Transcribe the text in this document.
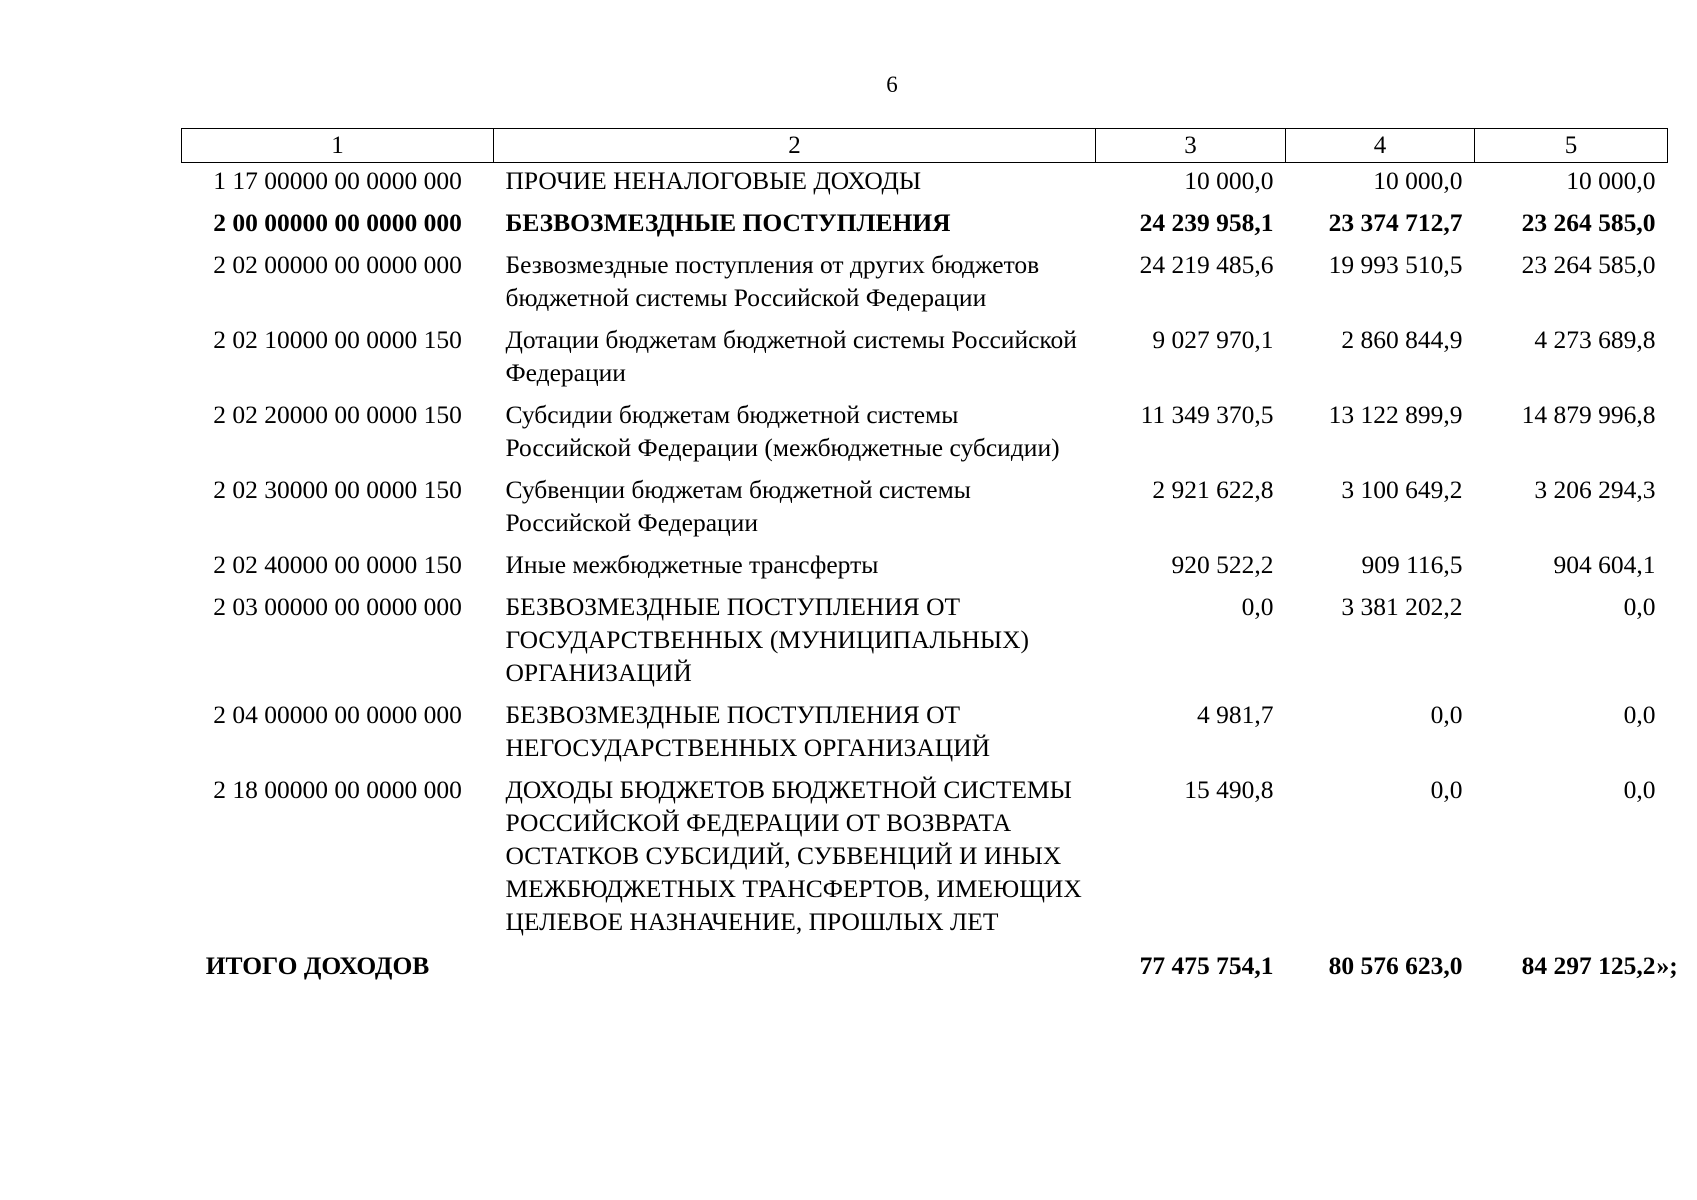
6
1	2	3	4	5
1 17 00000 00 0000 000	ПРОЧИЕ НЕНАЛОГОВЫЕ ДОХОДЫ	10 000,0	10 000,0	10 000,0
2 00 00000 00 0000 000	БЕЗВОЗМЕЗДНЫЕ ПОСТУПЛЕНИЯ	24 239 958,1	23 374 712,7	23 264 585,0
2 02 00000 00 0000 000	Безвозмездные поступления от других бюджетов бюджетной системы Российской Федерации	24 219 485,6	19 993 510,5	23 264 585,0
2 02 10000 00 0000 150	Дотации бюджетам бюджетной системы Российской Федерации	9 027 970,1	2 860 844,9	4 273 689,8
2 02 20000 00 0000 150	Субсидии бюджетам бюджетной системы Российской Федерации (межбюджетные субсидии)	11 349 370,5	13 122 899,9	14 879 996,8
2 02 30000 00 0000 150	Субвенции бюджетам бюджетной системы Российской Федерации	2 921 622,8	3 100 649,2	3 206 294,3
2 02 40000 00 0000 150	Иные межбюджетные трансферты	920 522,2	909 116,5	904 604,1
2 03 00000 00 0000 000	БЕЗВОЗМЕЗДНЫЕ ПОСТУПЛЕНИЯ ОТ ГОСУДАРСТВЕННЫХ (МУНИЦИПАЛЬНЫХ) ОРГАНИЗАЦИЙ	0,0	3 381 202,2	0,0
2 04 00000 00 0000 000	БЕЗВОЗМЕЗДНЫЕ ПОСТУПЛЕНИЯ ОТ НЕГОСУДАРСТВЕННЫХ ОРГАНИЗАЦИЙ	4 981,7	0,0	0,0
2 18 00000 00 0000 000	ДОХОДЫ БЮДЖЕТОВ БЮДЖЕТНОЙ СИСТЕМЫ РОССИЙСКОЙ ФЕДЕРАЦИИ ОТ ВОЗВРАТА ОСТАТКОВ СУБСИДИЙ, СУБВЕНЦИЙ И ИНЫХ МЕЖБЮДЖЕТНЫХ ТРАНСФЕРТОВ, ИМЕЮЩИХ ЦЕЛЕВОЕ НАЗНАЧЕНИЕ, ПРОШЛЫХ ЛЕТ	15 490,8	0,0	0,0
ИТОГО ДОХОДОВ		77 475 754,1	80 576 623,0	84 297 125,2 »;
